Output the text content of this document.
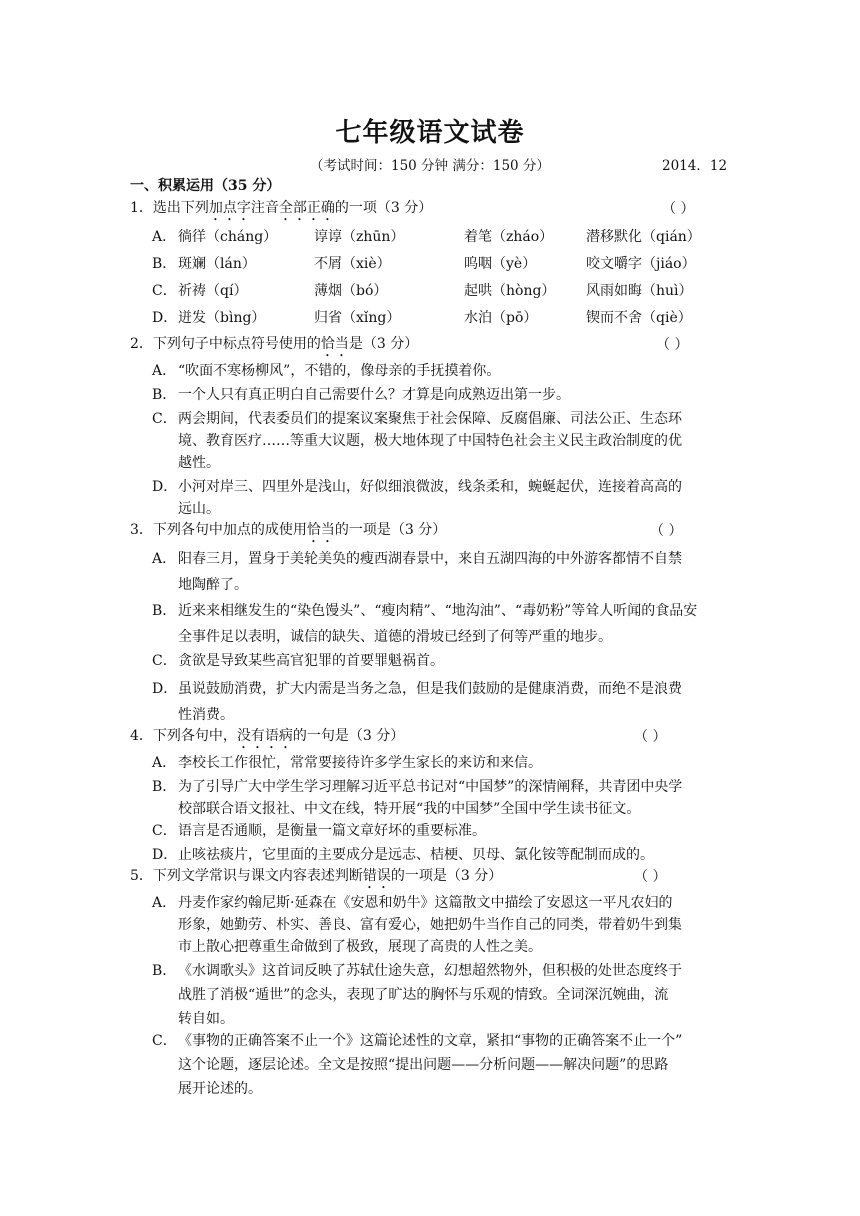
七年级语文试卷
（考试时间：150 分钟 满分：150 分）	2014．12
一、积累运用（35 分）
1．选出下列加点字注音全部正确的一项（3 分）	（ ）
A． 徜徉（cháng）	谆谆（zhūn）	着笔（zháo） 潜移默化（qián）
B． 斑斓（lán）	不屑（xiè）	呜咽（yè）	咬文嚼字（jiáo）
C． 祈祷（qí）	薄烟（bó）	起哄（hòng） 风雨如晦（huì）
D． 迸发（bìng）	归省（xǐng）	水泊（pō）	锲而不舍（qiè）
2．下列句子中标点符号使用的恰当是（3 分）	（ ）
A． “吹面不寒杨柳风”，不错的，像母亲的手抚摸着你。
B． 一个人只有真正明白自己需要什么？才算是向成熟迈出第一步。
C． 两会期间，代表委员们的提案议案聚焦于社会保障、反腐倡廉、司法公正、生态环
境、教育医疗……等重大议题，极大地体现了中国特色社会主义民主政治制度的优
越性。
D． 小河对岸三、四里外是浅山，好似细浪微波，线条柔和，蜿蜒起伏，连接着高高的
远山。
3．下列各句中加点的成使用恰当的一项是（3 分）	（ ）
A． 阳春三月，置身于美轮美奂的瘦西湖春景中，来自五湖四海的中外游客都情不自禁
地陶醉了。
B． 近来来相继发生的“染色馒头”、“瘦肉精”、“地沟油”、“毒奶粉”等耸人听闻的食品安
全事件足以表明，诚信的缺失、道德的滑坡已经到了何等严重的地步。
C． 贪欲是导致某些高官犯罪的首要罪魁祸首。
D． 虽说鼓励消费，扩大内需是当务之急，但是我们鼓励的是健康消费，而绝不是浪费
性消费。
4．下列各句中，没有语病的一句是（3 分）	（ ）
A． 李校长工作很忙，常常要接待许多学生家长的来访和来信。
B． 为了引导广大中学生学习理解习近平总书记对“中国梦”的深情阐释，共青团中央学
校部联合语文报社、中文在线，特开展“我的中国梦”全国中学生读书征文。
C． 语言是否通顺，是衡量一篇文章好坏的重要标准。
D． 止咳祛痰片，它里面的主要成分是远志、桔梗、贝母、氯化铵等配制而成的。
5．下列文学常识与课文内容表述判断错误的一项是（3 分）	（ ）
A． 丹麦作家约翰尼斯·延森在《安恩和奶牛》这篇散文中描绘了安恩这一平凡农妇的
形象，她勤劳、朴实、善良、富有爱心，她把奶牛当作自己的同类，带着奶牛到集
市上散心把尊重生命做到了极致，展现了高贵的人性之美。
B． 《水调歌头》这首词反映了苏轼仕途失意，幻想超然物外，但积极的处世态度终于
战胜了消极“遁世”的念头，表现了旷达的胸怀与乐观的情致。全词深沉婉曲，流
转自如。
C． 《事物的正确答案不止一个》这篇论述性的文章，紧扣“事物的正确答案不止一个”
这个论题，逐层论述。全文是按照“提出问题——分析问题——解决问题”的思路
展开论述的。
